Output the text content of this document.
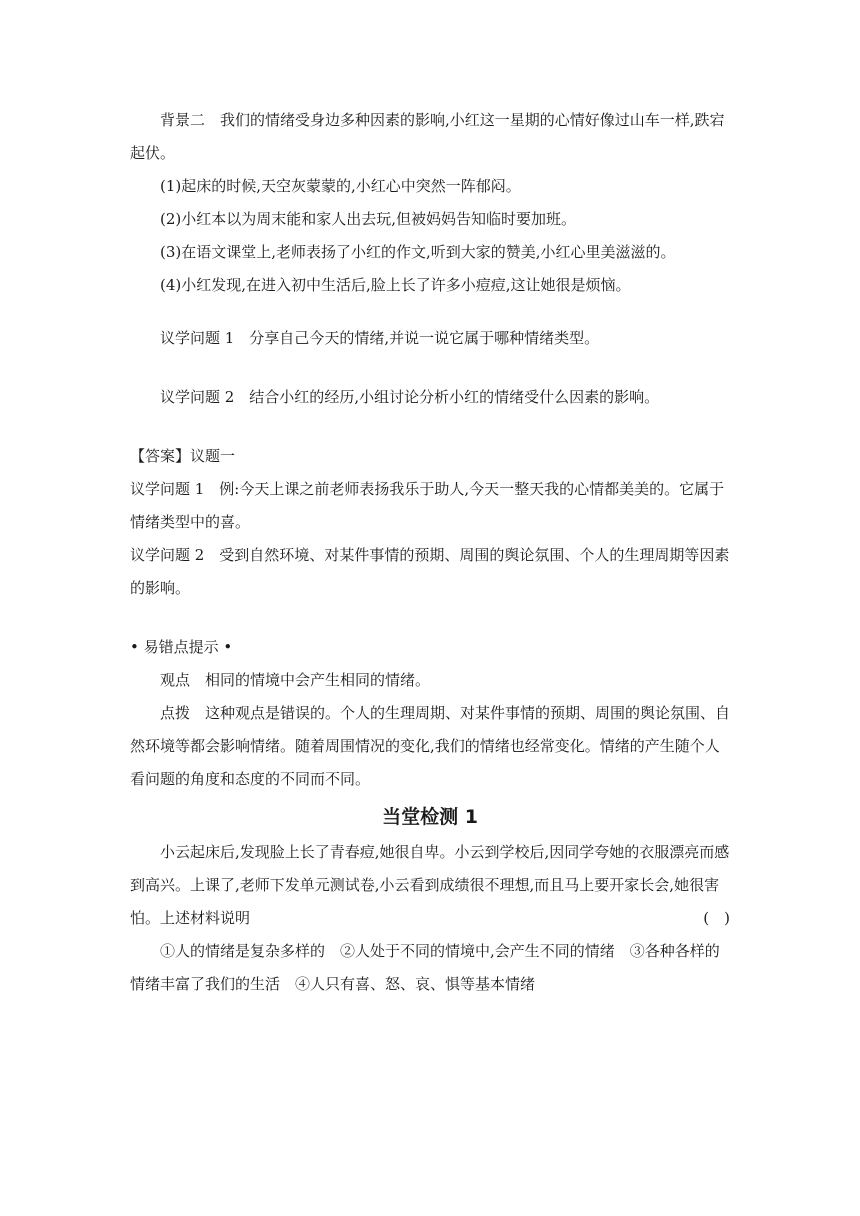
背景二　我们的情绪受身边多种因素的影响,小红这一星期的心情好像过山车一样,跌宕起伏。

(1)起床的时候,天空灰蒙蒙的,小红心中突然一阵郁闷。

(2)小红本以为周末能和家人出去玩,但被妈妈告知临时要加班。

(3)在语文课堂上,老师表扬了小红的作文,听到大家的赞美,小红心里美滋滋的。

(4)小红发现,在进入初中生活后,脸上长了许多小痘痘,这让她很是烦恼。

议学问题 1　分享自己今天的情绪,并说一说它属于哪种情绪类型。

议学问题 2　结合小红的经历,小组讨论分析小红的情绪受什么因素的影响。

【答案】议题一

议学问题 1　例:今天上课之前老师表扬我乐于助人,今天一整天我的心情都美美的。它属于情绪类型中的喜。

议学问题 2　受到自然环境、对某件事情的预期、周围的舆论氛围、个人的生理周期等因素的影响。

• 易错点提示 •

观点　相同的情境中会产生相同的情绪。

点拨　这种观点是错误的。个人的生理周期、对某件事情的预期、周围的舆论氛围、自然环境等都会影响情绪。随着周围情况的变化,我们的情绪也经常变化。情绪的产生随个人看问题的角度和态度的不同而不同。

当堂检测 1

小云起床后,发现脸上长了青春痘,她很自卑。小云到学校后,因同学夸她的衣服漂亮而感到高兴。上课了,老师下发单元测试卷,小云看到成绩很不理想,而且马上要开家长会,她很害怕。上述材料说明	(　)

①人的情绪是复杂多样的　②人处于不同的情境中,会产生不同的情绪　③各种各样的情绪丰富了我们的生活　④人只有喜、怒、哀、惧等基本情绪
